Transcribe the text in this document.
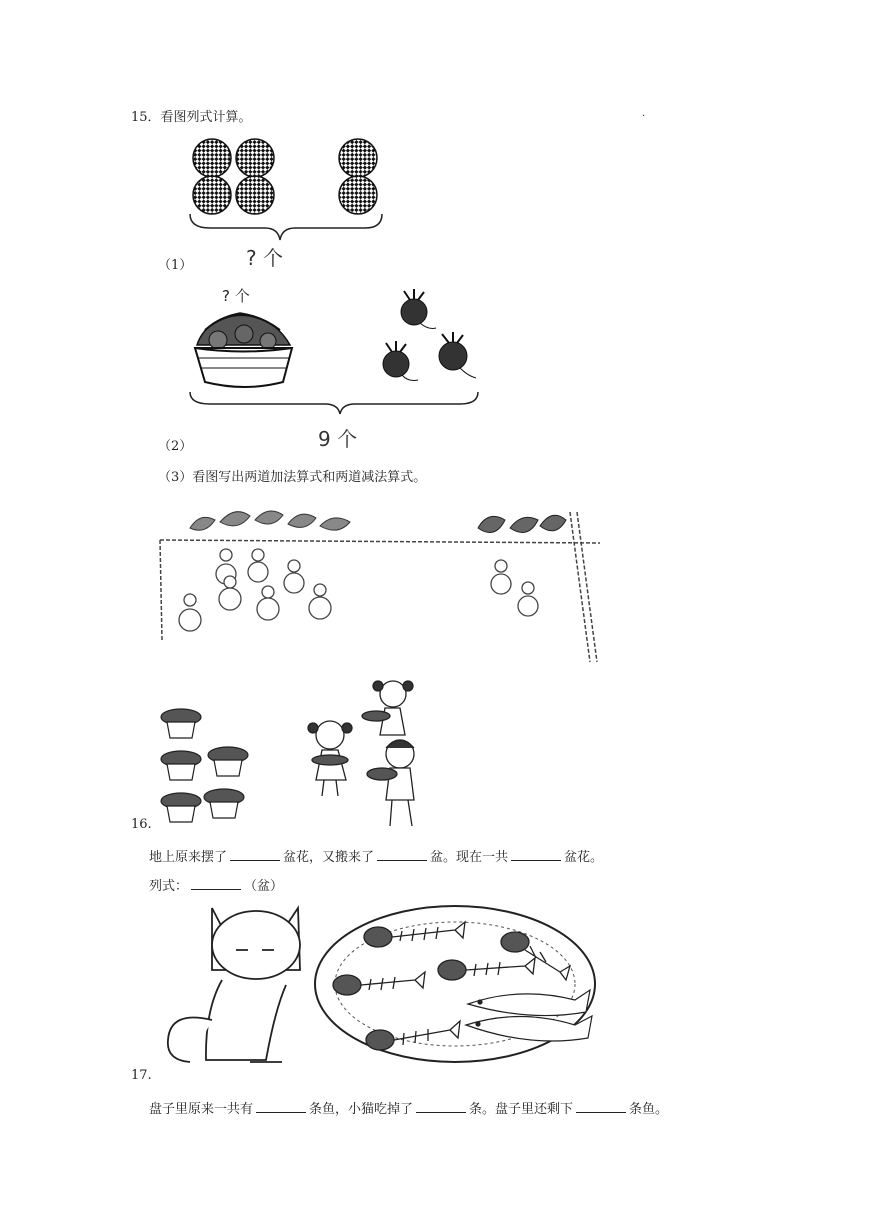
15．看图列式计算。	·
（1）	? 个
? 个
（2）	9 个
（3）看图写出两道加法算式和两道减法算式。
16.
地上原来摆了	盆花，又搬来了	盆。现在一共	盆花。
列式：	（盆）
17.
盘子里原来一共有	条鱼，小猫吃掉了	条。盘子里还剩下	条鱼。
